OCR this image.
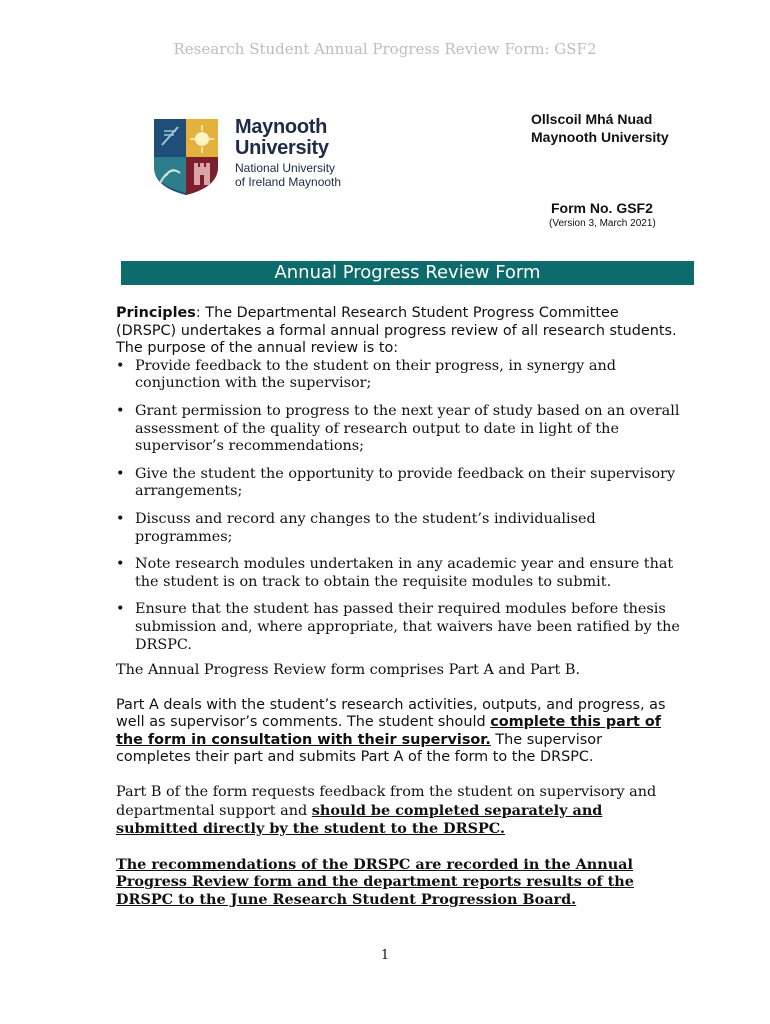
Research Student Annual Progress Review Form: GSF2
Maynooth
University
National University
of Ireland Maynooth
Ollscoil Mhá Nuad
Maynooth University
Form No. GSF2
(Version 3, March 2021)
Annual Progress Review Form

Principles: The Departmental Research Student Progress Committee (DRSPC) undertakes a formal annual progress review of all research students. The purpose of the annual review is to:

• Provide feedback to the student on their progress, in synergy and conjunction with the supervisor;
• Grant permission to progress to the next year of study based on an overall assessment of the quality of research output to date in light of the supervisor’s recommendations;
• Give the student the opportunity to provide feedback on their supervisory arrangements;
• Discuss and record any changes to the student’s individualised programmes;
• Note research modules undertaken in any academic year and ensure that the student is on track to obtain the requisite modules to submit.
• Ensure that the student has passed their required modules before thesis submission and, where appropriate, that waivers have been ratified by the DRSPC.

The Annual Progress Review form comprises Part A and Part B.

Part A deals with the student’s research activities, outputs, and progress, as well as supervisor’s comments. The student should complete this part of the form in consultation with their supervisor. The supervisor completes their part and submits Part A of the form to the DRSPC.

Part B of the form requests feedback from the student on supervisory and departmental support and should be completed separately and submitted directly by the student to the DRSPC.

The recommendations of the DRSPC are recorded in the Annual Progress Review form and the department reports results of the DRSPC to the June Research Student Progression Board.

1
